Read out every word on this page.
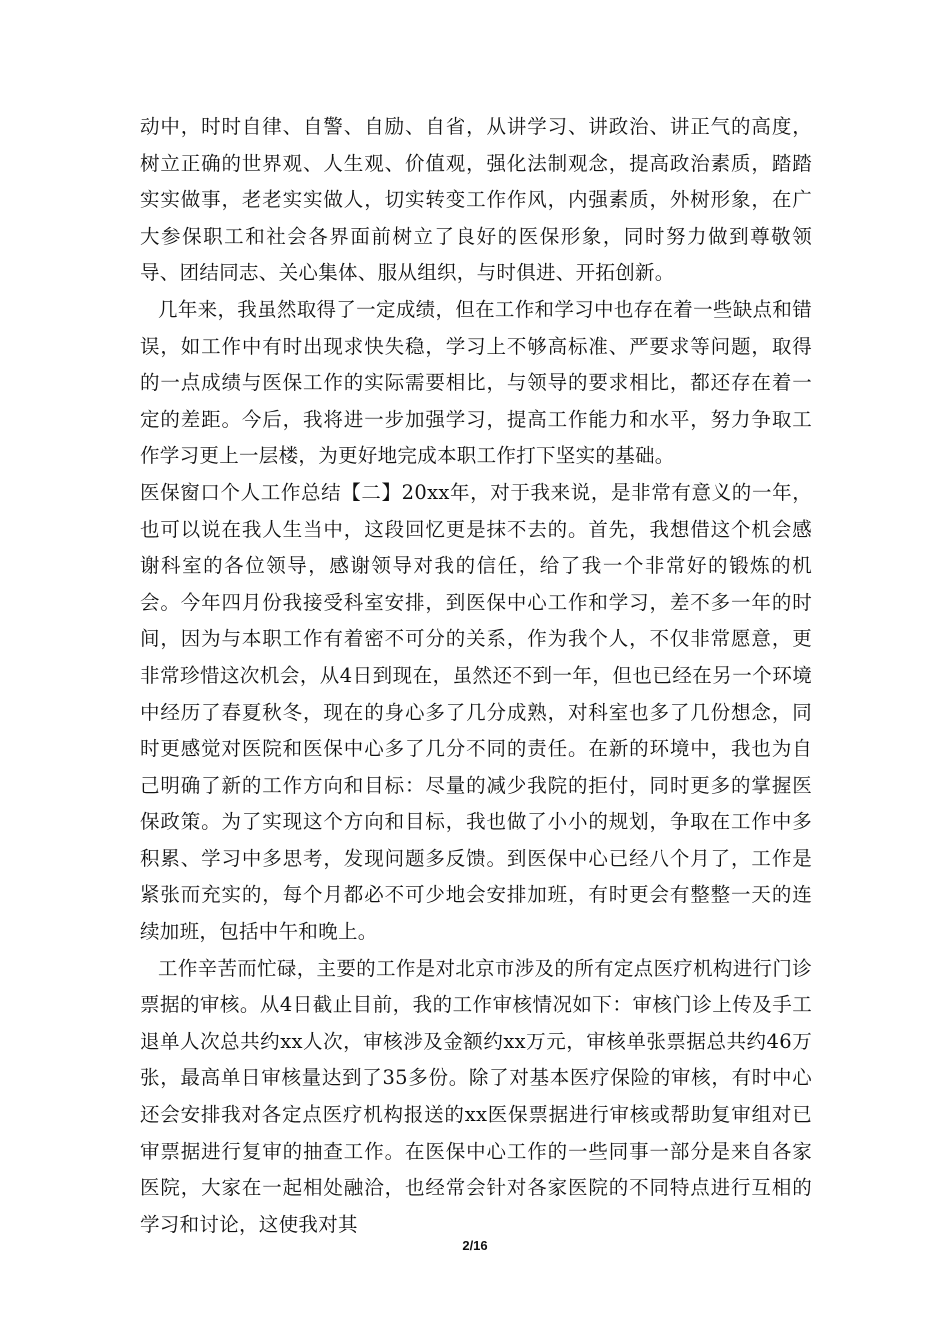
动中，时时自律、自警、自励、自省，从讲学习、讲政治、讲正气的高度，树立正确的世界观、人生观、价值观，强化法制观念，提高政治素质，踏踏实实做事，老老实实做人，切实转变工作作风，内强素质，外树形象，在广大参保职工和社会各界面前树立了良好的医保形象，同时努力做到尊敬领导、团结同志、关心集体、服从组织，与时俱进、开拓创新。

几年来，我虽然取得了一定成绩，但在工作和学习中也存在着一些缺点和错误，如工作中有时出现求快失稳，学习上不够高标准、严要求等问题，取得的一点成绩与医保工作的实际需要相比，与领导的要求相比，都还存在着一定的差距。今后，我将进一步加强学习，提高工作能力和水平，努力争取工作学习更上一层楼，为更好地完成本职工作打下坚实的基础。

医保窗口个人工作总结【二】20xx年，对于我来说，是非常有意义的一年，也可以说在我人生当中，这段回忆更是抹不去的。首先，我想借这个机会感谢科室的各位领导，感谢领导对我的信任，给了我一个非常好的锻炼的机会。今年四月份我接受科室安排，到医保中心工作和学习，差不多一年的时间，因为与本职工作有着密不可分的关系，作为我个人，不仅非常愿意，更非常珍惜这次机会，从4日到现在，虽然还不到一年，但也已经在另一个环境中经历了春夏秋冬，现在的身心多了几分成熟，对科室也多了几份想念，同时更感觉对医院和医保中心多了几分不同的责任。在新的环境中，我也为自己明确了新的工作方向和目标：尽量的减少我院的拒付，同时更多的掌握医保政策。为了实现这个方向和目标，我也做了小小的规划，争取在工作中多积累、学习中多思考，发现问题多反馈。到医保中心已经八个月了，工作是紧张而充实的，每个月都必不可少地会安排加班，有时更会有整整一天的连续加班，包括中午和晚上。

工作辛苦而忙碌，主要的工作是对北京市涉及的所有定点医疗机构进行门诊票据的审核。从4日截止目前，我的工作审核情况如下：审核门诊上传及手工退单人次总共约xx人次，审核涉及金额约xx万元，审核单张票据总共约46万张，最高单日审核量达到了35多份。除了对基本医疗保险的审核，有时中心还会安排我对各定点医疗机构报送的xx医保票据进行审核或帮助复审组对已审票据进行复审的抽查工作。在医保中心工作的一些同事一部分是来自各家医院，大家在一起相处融洽，也经常会针对各家医院的不同特点进行互相的学习和讨论，这使我对其

2/16
